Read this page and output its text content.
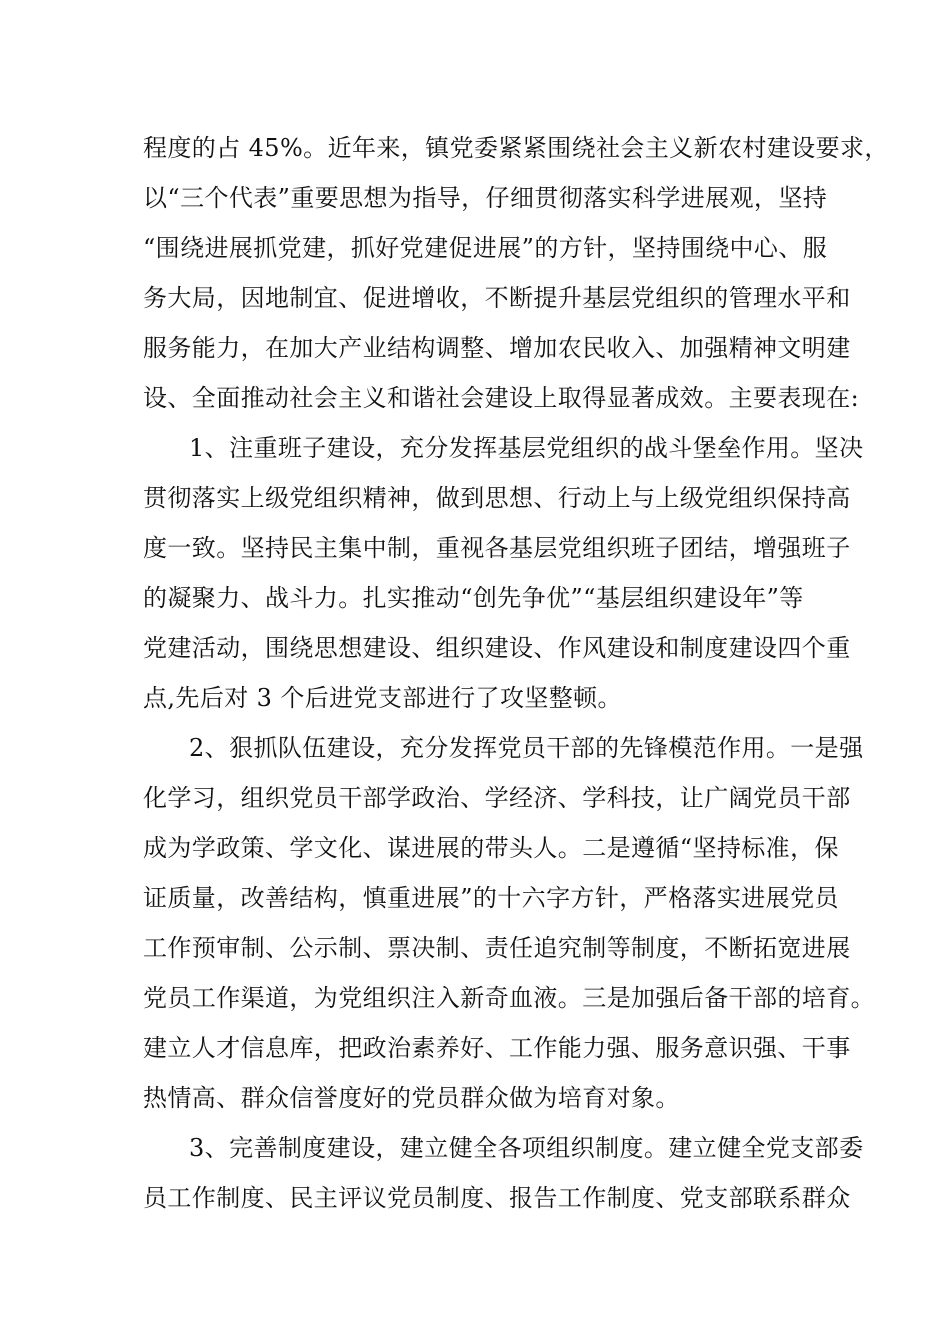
程度的占 45%。近年来，镇党委紧紧围绕社会主义新农村建设要求，
以“三个代表”重要思想为指导，仔细贯彻落实科学进展观，坚持
“围绕进展抓党建，抓好党建促进展”的方针，坚持围绕中心、服
务大局，因地制宜、促进增收，不断提升基层党组织的管理水平和
服务能力，在加大产业结构调整、增加农民收入、加强精神文明建
设、全面推动社会主义和谐社会建设上取得显著成效。主要表现在:
1、注重班子建设，充分发挥基层党组织的战斗堡垒作用。坚决
贯彻落实上级党组织精神，做到思想、行动上与上级党组织保持高
度一致。坚持民主集中制，重视各基层党组织班子团结，增强班子
的凝聚力、战斗力。扎实推动“创先争优”“基层组织建设年”等
党建活动，围绕思想建设、组织建设、作风建设和制度建设四个重
点,先后对 3 个后进党支部进行了攻坚整顿。
2、狠抓队伍建设，充分发挥党员干部的先锋模范作用。一是强
化学习，组织党员干部学政治、学经济、学科技，让广阔党员干部
成为学政策、学文化、谋进展的带头人。二是遵循“坚持标准，保
证质量，改善结构，慎重进展”的十六字方针，严格落实进展党员
工作预审制、公示制、票决制、责任追究制等制度，不断拓宽进展
党员工作渠道，为党组织注入新奇血液。三是加强后备干部的培育。
建立人才信息库，把政治素养好、工作能力强、服务意识强、干事
热情高、群众信誉度好的党员群众做为培育对象。
3、完善制度建设，建立健全各项组织制度。建立健全党支部委
员工作制度、民主评议党员制度、报告工作制度、党支部联系群众
